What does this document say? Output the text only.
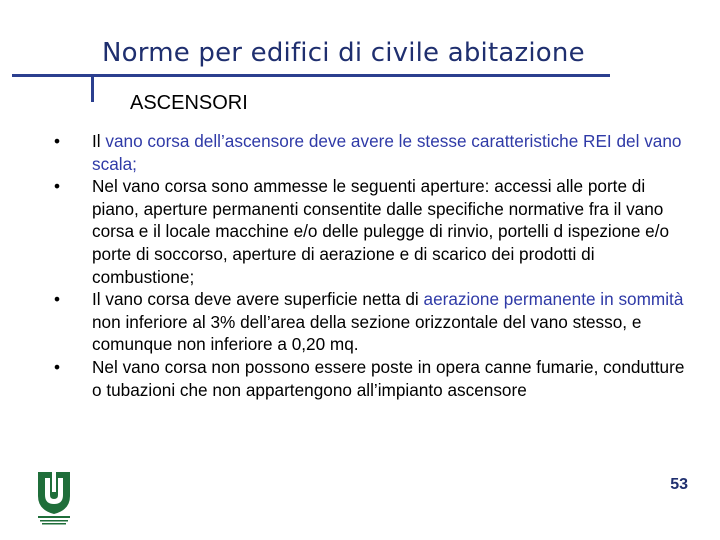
Norme per edifici di civile abitazione
ASCENSORI
• Il vano corsa dell’ascensore deve avere le stesse caratteristiche REI del vano scala;
• Nel vano corsa sono ammesse le seguenti aperture: accessi alle porte di piano, aperture permanenti consentite dalle specifiche normative fra il vano corsa e il locale macchine e/o delle pulegge di rinvio, portelli d ispezione e/o porte di soccorso, aperture di aerazione e di scarico dei prodotti di combustione;
• Il vano corsa deve avere superficie netta di aerazione permanente in sommità non inferiore al 3% dell’area della sezione orizzontale del vano stesso, e comunque non inferiore a 0,20 mq.
• Nel vano corsa non possono essere poste in opera canne fumarie, condutture o tubazioni che non appartengono all’impianto ascensore
53
